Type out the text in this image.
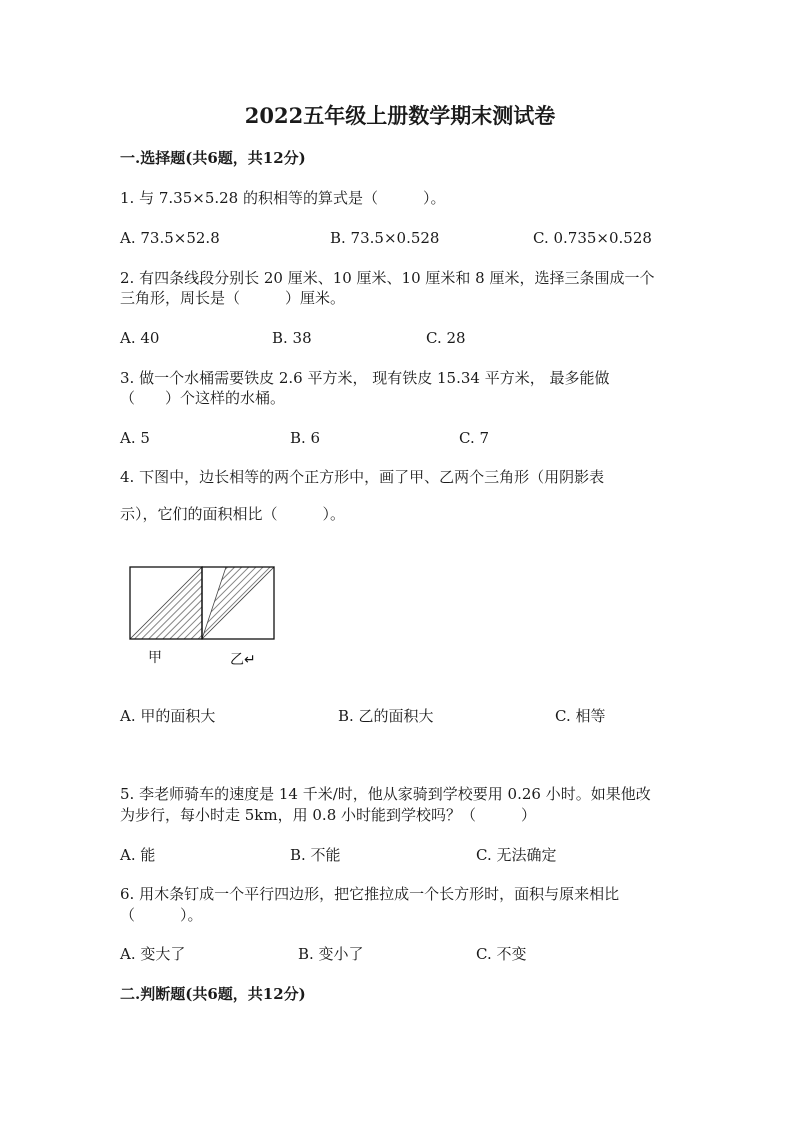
2022五年级上册数学期末测试卷
一.选择题(共6题，共12分)
1. 与 7.35×5.28 的积相等的算式是（　　　）。
A. 73.5×52.8	B. 73.5×0.528	C. 0.735×0.528
2. 有四条线段分别长 20 厘米、10 厘米、10 厘米和 8 厘米，选择三条围成一个
三角形，周长是（　　　）厘米。
A. 40	B. 38	C. 28
3. 做一个水桶需要铁皮 2.6 平方米， 现有铁皮 15.34 平方米， 最多能做
（　　）个这样的水桶。
A. 5	B. 6	C. 7
4. 下图中，边长相等的两个正方形中，画了甲、乙两个三角形（用阴影表
示），它们的面积相比（　　　）。
甲	乙↵
A. 甲的面积大	B. 乙的面积大	C. 相等
5. 李老师骑车的速度是 14 千米/时，他从家骑到学校要用 0.26 小时。如果他改
为步行，每小时走 5km，用 0.8 小时能到学校吗？（　　　）
A. 能	B. 不能	C. 无法确定
6. 用木条钉成一个平行四边形，把它推拉成一个长方形时，面积与原来相比
（　　　）。
A. 变大了	B. 变小了	C. 不变
二.判断题(共6题，共12分)
